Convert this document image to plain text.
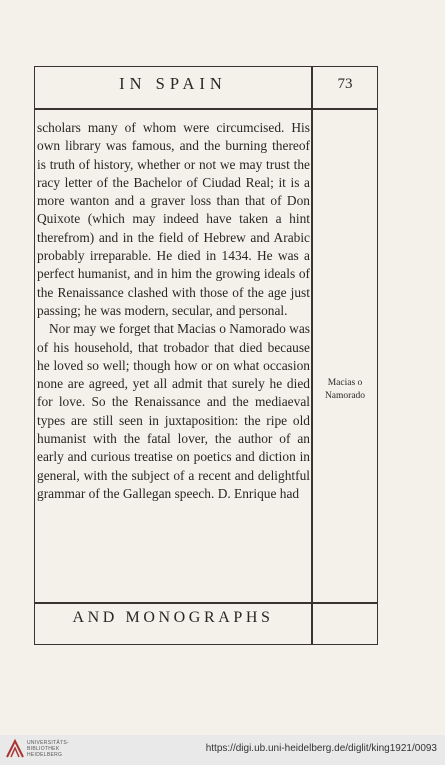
IN SPAIN	73

scholars many of whom were circumcised. His own library was famous, and the burning thereof is truth of history, whether or not we may trust the racy letter of the Bachelor of Ciudad Real; it is a more wanton and a graver loss than that of Don Quixote (which may indeed have taken a hint therefrom) and in the field of Hebrew and Arabic probably irreparable. He died in 1434. He was a perfect humanist, and in him the growing ideals of the Renaissance clashed with those of the age just passing; he was modern, secular, and personal.

Nor may we forget that Macias o Namorado was of his household, that trobador that died because he loved so well; though how or on what occasion none are agreed, yet all admit that surely he died for love. So the Renaissance and the mediaeval types are still seen in juxtaposition: the ripe old humanist with the fatal lover, the author of an early and curious treatise on poetics and diction in general, with the subject of a recent and delightful grammar of the Gallegan speech. D. Enrique had

Macias o
Namorado
AND MONOGRAPHS
UNIVERSITÄTS-
BIBLIOTHEK
HEIDELBERG
https://digi.ub.uni-heidelberg.de/diglit/king1921/0093
